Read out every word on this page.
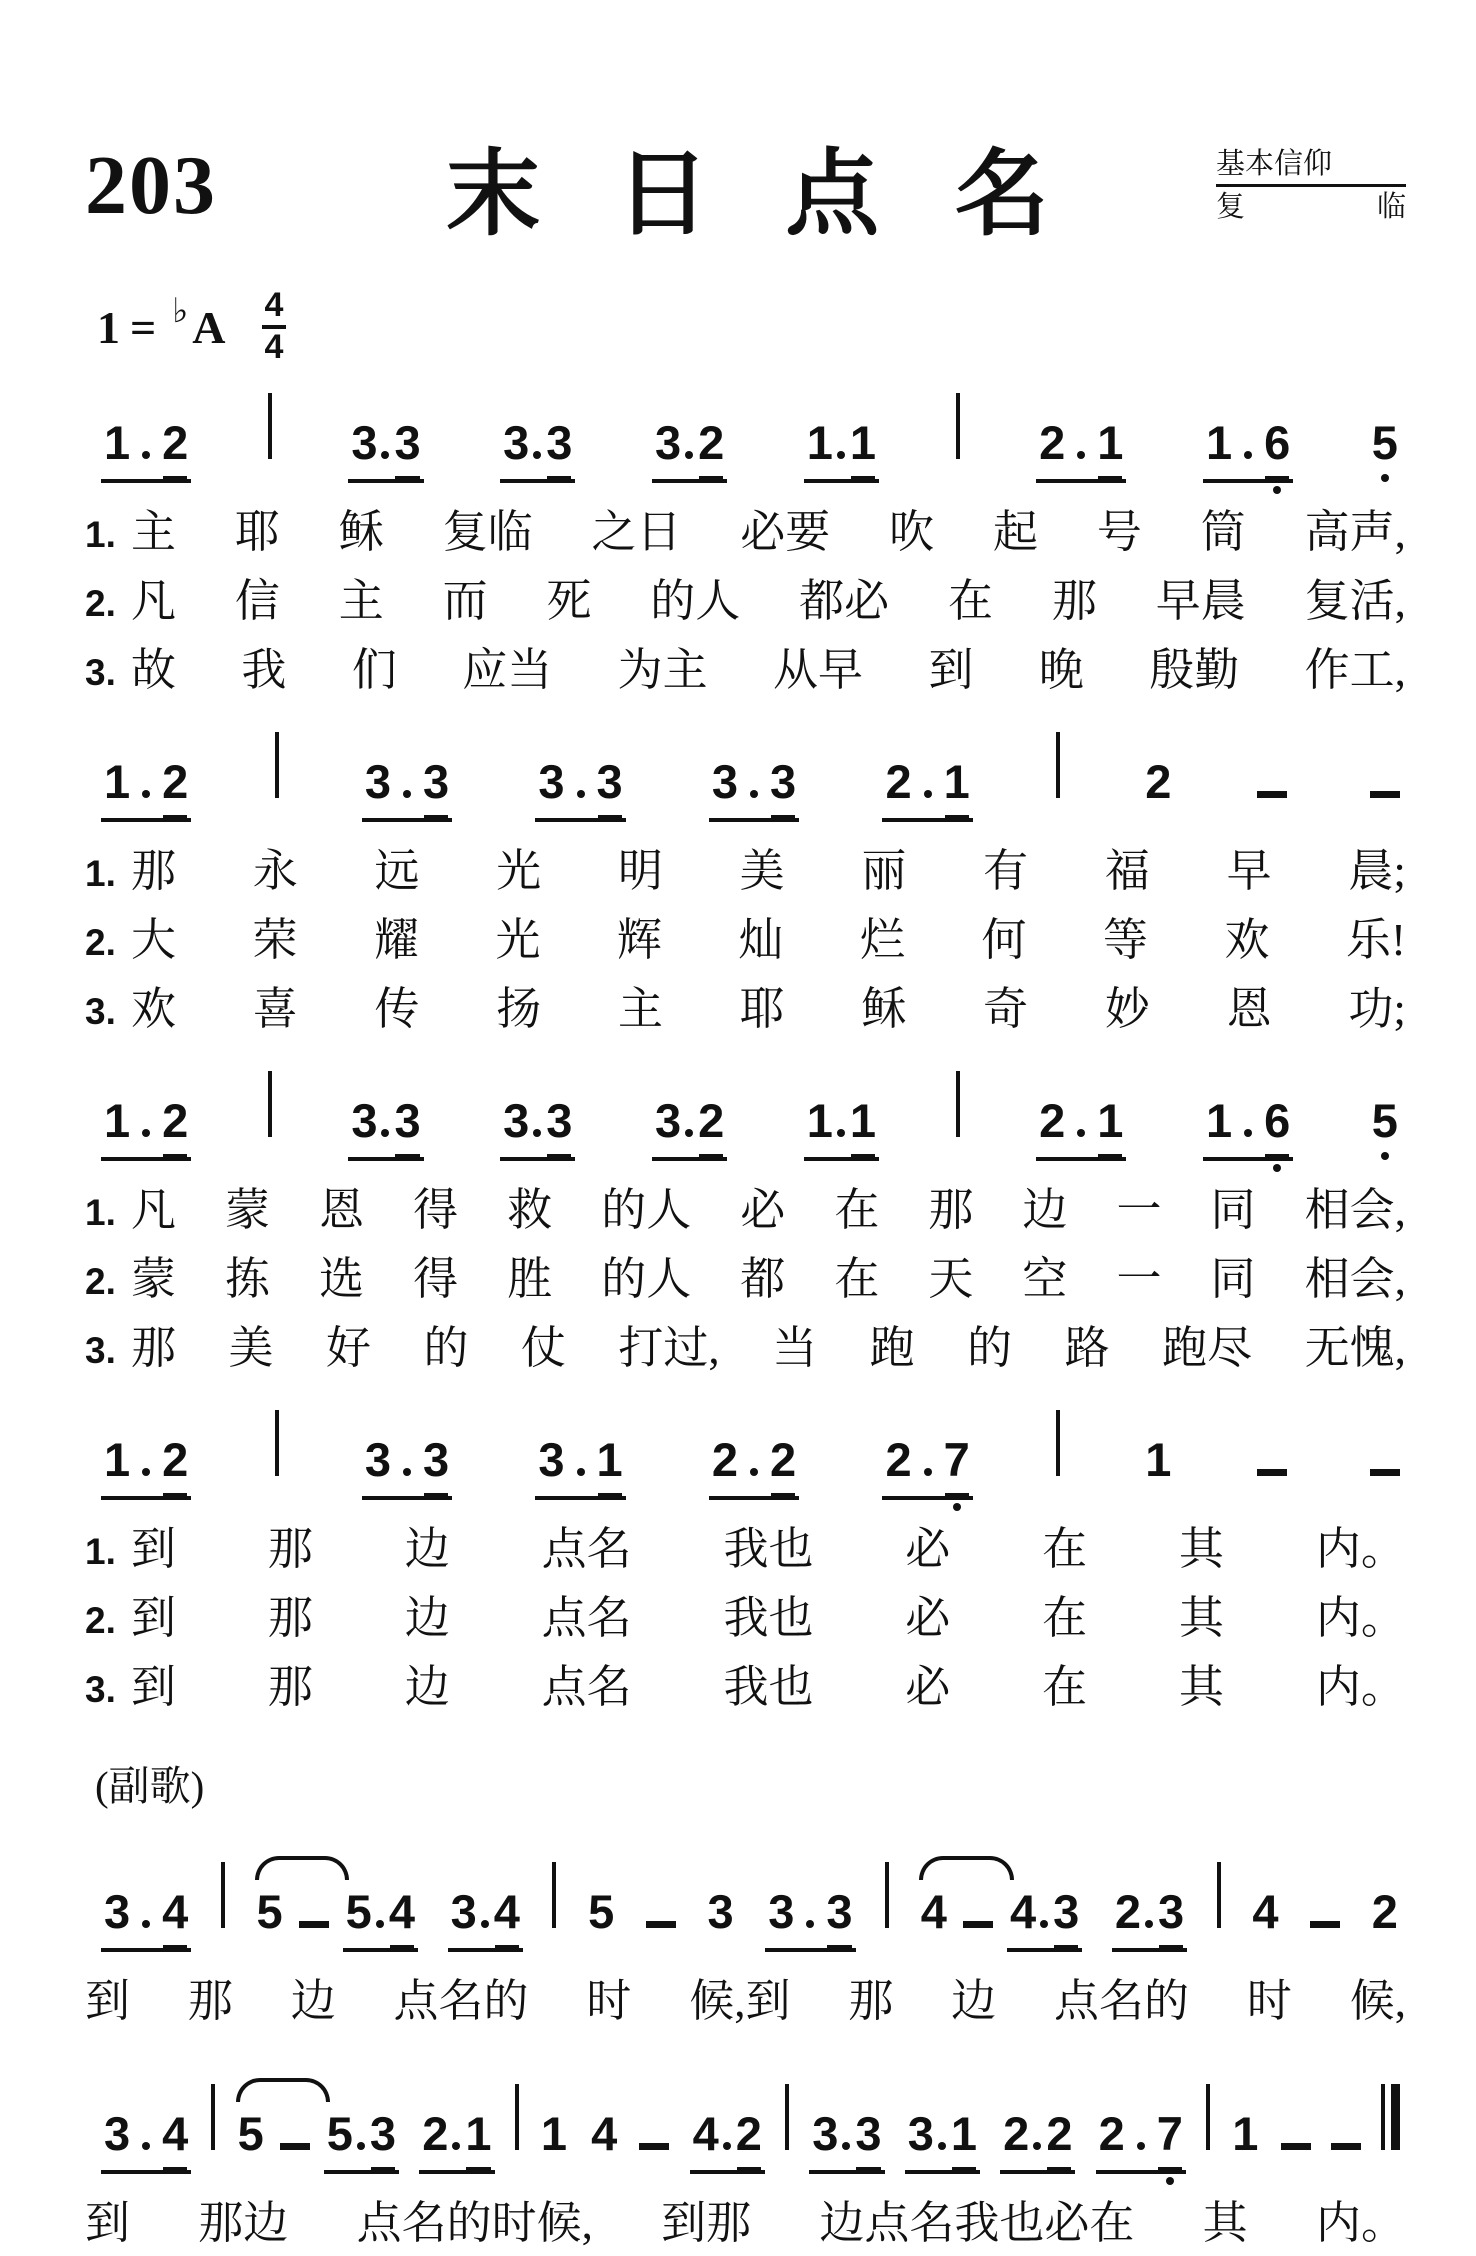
203	末 日 点 名	基本信仰
复	临
1 = ♭ A $\frac{4}{4}$
1 2	3 3 3 3 3 2 1 1	2 1 1 6 5
1. 主 耶 稣 复临 之日 必要 吹 起 号 筒 高声,
2. 凡 信 主 而 死 的人 都必 在 那 早晨 复活,
3. 故 我 们 应当 为主 从早 到 晚 殷勤 作工,
1 2	3 3 3 3 3 3 2 1	2
1. 那 永 远 光 明 美 丽 有 福 早 晨;
2. 大 荣 耀 光 辉 灿 烂 何 等 欢 乐!
3. 欢 喜 传 扬 主 耶 稣 奇 妙 恩 功;
1 2	3 3 3 3 3 2 1 1	2 1 1 6 5
1. 凡 蒙 恩 得 救 的人 必 在 那 边 一 同 相会,
2. 蒙 拣 选 得 胜 的人 都 在 天 空 一 同 相会,
3. 那 美 好 的 仗 打过, 当 跑 的 路 跑尽 无愧,
1 2	3 3 3 1 2 2 2 7	1
1. 到 那 边 点名 我也 必 在 其 内。
2. 到 那 边 点名 我也 必 在 其 内。
3. 到 那 边 点名 我也 必 在 其 内。
(副歌)
3 4 5 5 4 3 4 5 3 3 3 4 4 3 2 3 4 2
到 那 边 点名的 时 候,到 那 边 点名的 时 候,
3 4 5 5 3 2 1 1 4 4 2 3 3 3 1 2 2 2 7 1
到 那边 点名的时候, 到那 边点名我也必在 其 内。
